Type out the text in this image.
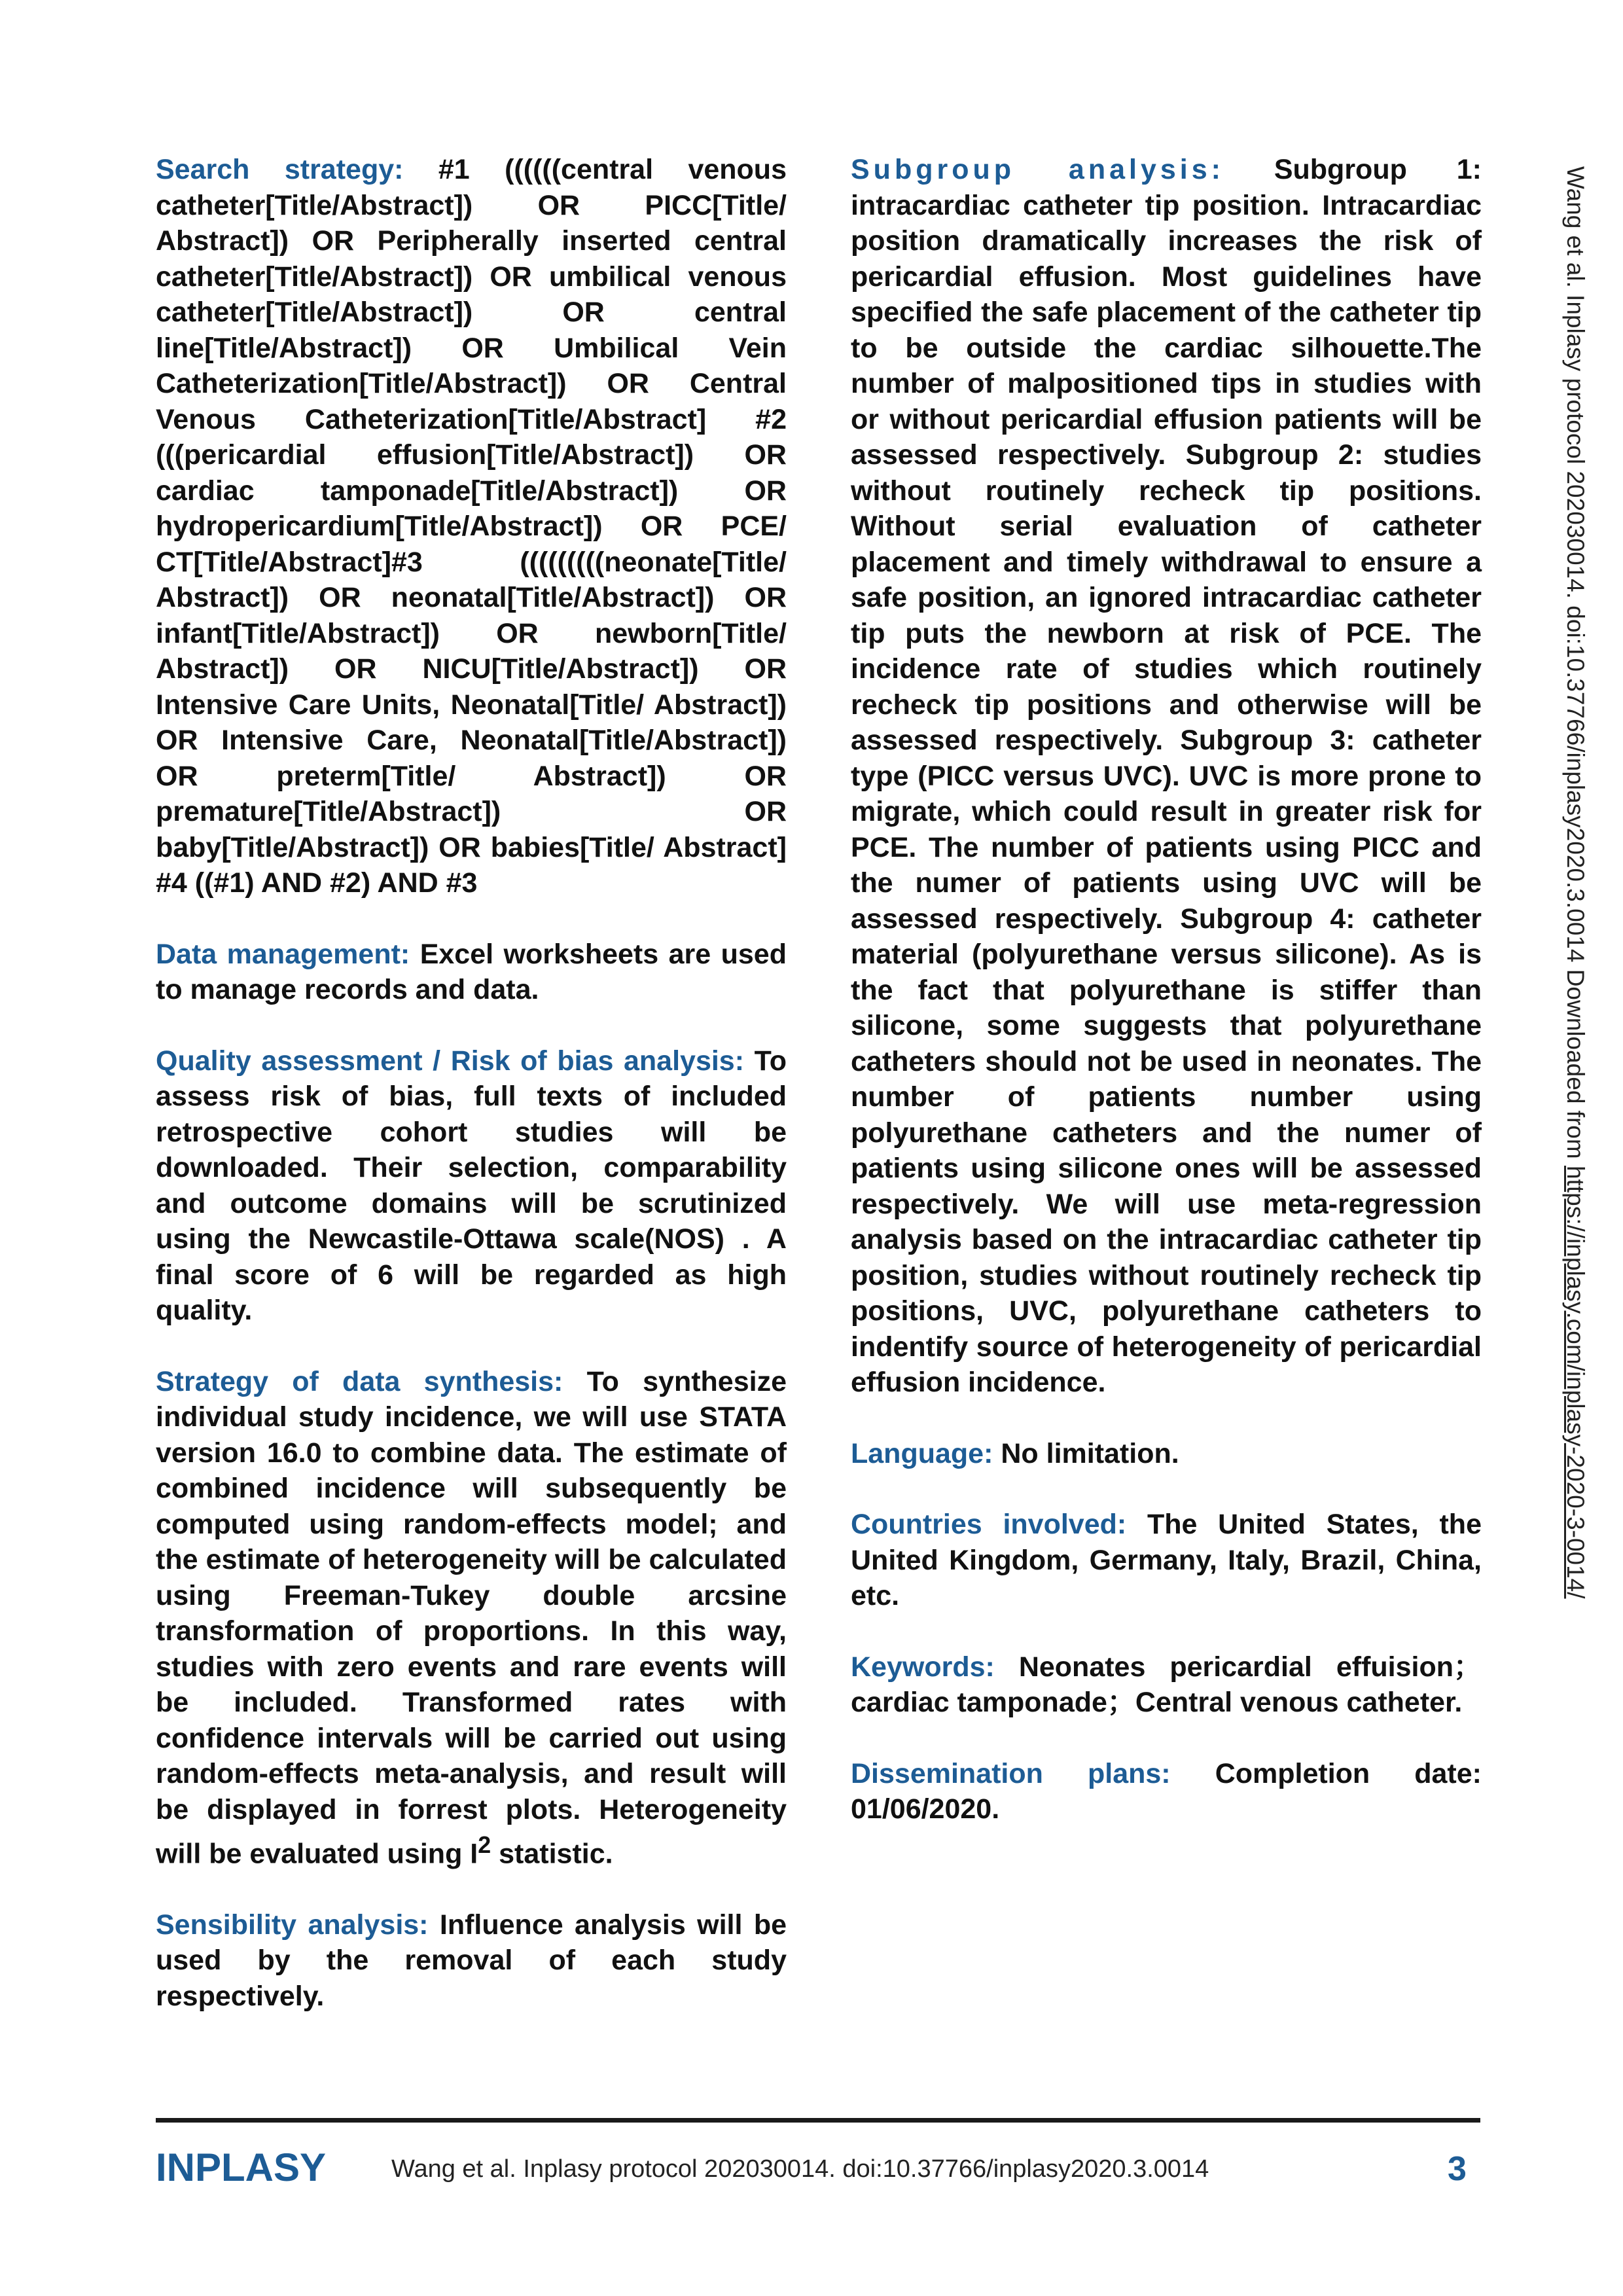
Search strategy: #1 ((((((central venous catheter[Title/Abstract]) OR PICC[Title/ Abstract]) OR Peripherally inserted central catheter[Title/Abstract]) OR umbilical venous catheter[Title/Abstract]) OR central line[Title/Abstract]) OR Umbilical Vein Catheterization[Title/Abstract]) OR Central Venous Catheterization[Title/Abstract] #2 (((pericardial effusion[Title/Abstract]) OR cardiac tamponade[Title/Abstract]) OR hydropericardium[Title/Abstract]) OR PCE/ CT[Title/Abstract]#3 (((((((((neonate[Title/ Abstract]) OR neonatal[Title/Abstract]) OR infant[Title/Abstract]) OR newborn[Title/ Abstract]) OR NICU[Title/Abstract]) OR Intensive Care Units, Neonatal[Title/ Abstract]) OR Intensive Care, Neonatal[Title/Abstract]) OR preterm[Title/ Abstract]) OR premature[Title/Abstract]) OR baby[Title/Abstract]) OR babies[Title/ Abstract] #4 ((#1) AND #2) AND #3

Data management: Excel worksheets are used to manage records and data.

Quality assessment / Risk of bias analysis: To assess risk of bias, full texts of included retrospective cohort studies will be downloaded. Their selection, comparability and outcome domains will be scrutinized using the Newcastile-Ottawa scale(NOS) . A final score of 6 will be regarded as high quality.

Strategy of data synthesis: To synthesize individual study incidence, we will use STATA version 16.0 to combine data. The estimate of combined incidence will subsequently be computed using random-effects model; and the estimate of heterogeneity will be calculated using Freeman-Tukey double arcsine transformation of proportions. In this way, studies with zero events and rare events will be included. Transformed rates with confidence intervals will be carried out using random-effects meta-analysis, and result will be displayed in forrest plots. Heterogeneity will be evaluated using $I^2$ statistic.

Sensibility analysis: Influence analysis will be used by the removal of each study respectively.

Subgroup analysis: Subgroup 1: intracardiac catheter tip position. Intracardiac position dramatically increases the risk of pericardial effusion. Most guidelines have specified the safe placement of the catheter tip to be outside the cardiac silhouette.The number of malpositioned tips in studies with or without pericardial effusion patients will be assessed respectively. Subgroup 2: studies without routinely recheck tip positions. Without serial evaluation of catheter placement and timely withdrawal to ensure a safe position, an ignored intracardiac catheter tip puts the newborn at risk of PCE. The incidence rate of studies which routinely recheck tip positions and otherwise will be assessed respectively. Subgroup 3: catheter type (PICC versus UVC). UVC is more prone to migrate, which could result in greater risk for PCE. The number of patients using PICC and the numer of patients using UVC will be assessed respectively. Subgroup 4: catheter material (polyurethane versus silicone). As is the fact that polyurethane is stiffer than silicone, some suggests that polyurethane catheters should not be used in neonates. The number of patients number using polyurethane catheters and the numer of patients using silicone ones will be assessed respectively. We will use meta-regression analysis based on the intracardiac catheter tip position, studies without routinely recheck tip positions, UVC, polyurethane catheters to indentify source of heterogeneity of pericardial effusion incidence.

Language: No limitation.

Countries involved: The United States, the United Kingdom, Germany, Italy, Brazil, China, etc.

Keywords: Neonates pericardial effuision；cardiac tamponade；Central venous catheter.

Dissemination plans: Completion date: 01/06/2020.

Wang et al. Inplasy protocol 202030014. doi:10.37766/inplasy2020.3.0014 Downloaded from https://inplasy.com/inplasy-2020-3-0014/
INPLASY	Wang et al. Inplasy protocol 202030014. doi:10.37766/inplasy2020.3.0014	3
